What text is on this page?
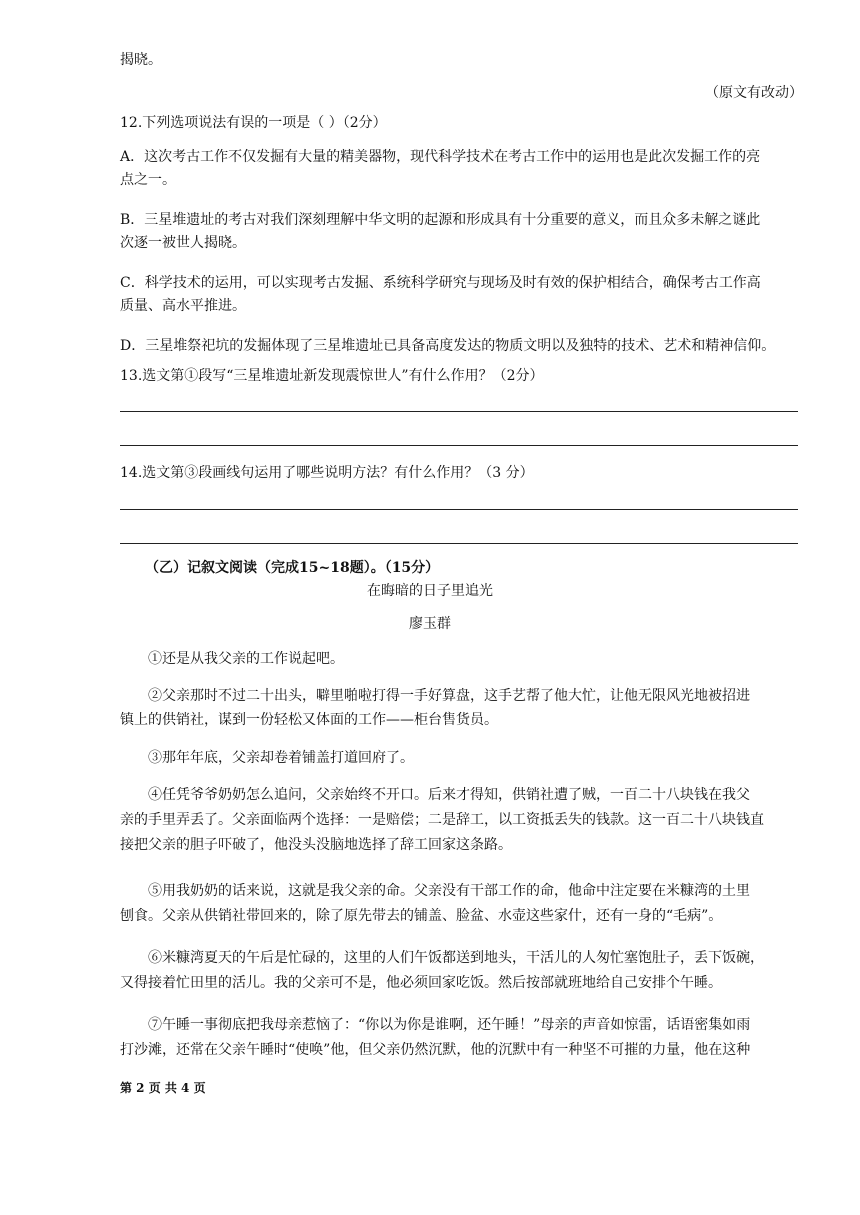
揭晓。
（原文有改动）
12.下列选项说法有误的一项是（ ）（2分）
A．这次考古工作不仅发掘有大量的精美器物，现代科学技术在考古工作中的运用也是此次发掘工作的亮
点之一。
B．三星堆遗址的考古对我们深刻理解中华文明的起源和形成具有十分重要的意义，而且众多未解之谜此
次逐一被世人揭晓。
C．科学技术的运用，可以实现考古发掘、系统科学研究与现场及时有效的保护相结合，确保考古工作高
质量、高水平推进。
D．三星堆祭祀坑的发掘体现了三星堆遗址已具备高度发达的物质文明以及独特的技术、艺术和精神信仰。
13.选文第①段写“三星堆遗址新发现震惊世人”有什么作用？（2分）
14.选文第③段画线句运用了哪些说明方法？有什么作用？（3 分）
（乙）记叙文阅读（完成15~18题）。（15分）
在晦暗的日子里追光
廖玉群
①还是从我父亲的工作说起吧。
②父亲那时不过二十出头，噼里啪啦打得一手好算盘，这手艺帮了他大忙，让他无限风光地被招进
镇上的供销社，谋到一份轻松又体面的工作——柜台售货员。
③那年年底，父亲却卷着铺盖打道回府了。
④任凭爷爷奶奶怎么追问，父亲始终不开口。后来才得知，供销社遭了贼，一百二十八块钱在我父
亲的手里弄丢了。父亲面临两个选择：一是赔偿；二是辞工，以工资抵丢失的钱款。这一百二十八块钱直
接把父亲的胆子吓破了，他没头没脑地选择了辞工回家这条路。
⑤用我奶奶的话来说，这就是我父亲的命。父亲没有干部工作的命，他命中注定要在米糠湾的土里
刨食。父亲从供销社带回来的，除了原先带去的铺盖、脸盆、水壶这些家什，还有一身的“毛病”。
⑥米糠湾夏天的午后是忙碌的，这里的人们午饭都送到地头，干活儿的人匆忙塞饱肚子，丢下饭碗，
又得接着忙田里的活儿。我的父亲可不是，他必须回家吃饭。然后按部就班地给自己安排个午睡。
⑦午睡一事彻底把我母亲惹恼了：“你以为你是谁啊，还午睡！”母亲的声音如惊雷，话语密集如雨
打沙滩，还常在父亲午睡时“使唤”他，但父亲仍然沉默，他的沉默中有一种坚不可摧的力量，他在这种
第 2 页 共 4 页
